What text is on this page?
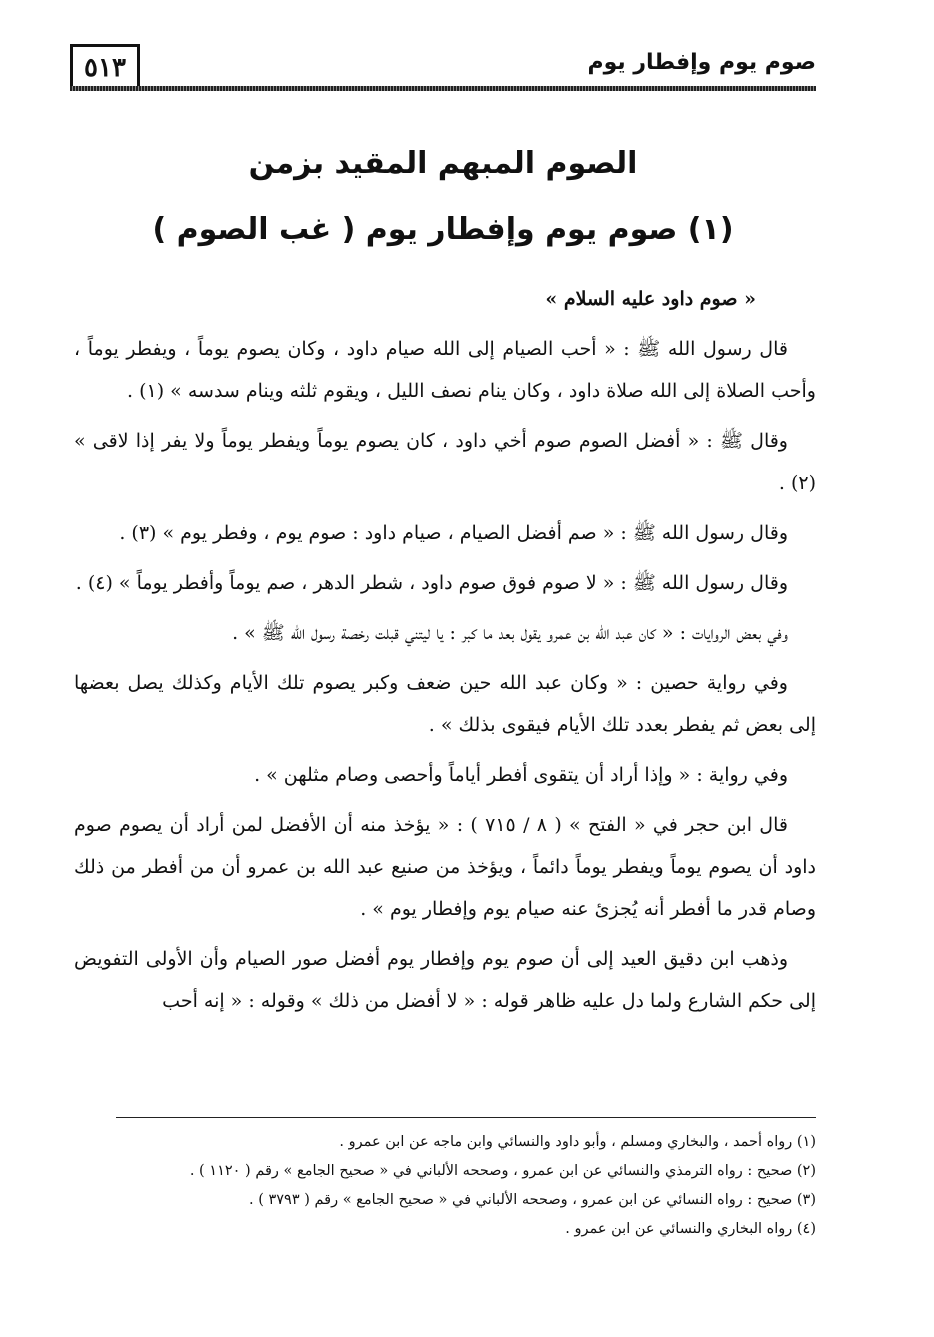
٥١٣	صوم يوم وإفطار يوم
الصوم المبهم المقيد بزمن
(١) صوم يوم وإفطار يوم ( غب الصوم )

« صوم داود عليه السلام »

قال رسول الله ﷺ : « أحب الصيام إلى الله صيام داود ، وكان يصوم يوماً ، ويفطر يوماً ، وأحب الصلاة إلى الله صلاة داود ، وكان ينام نصف الليل ، ويقوم ثلثه وينام سدسه » (١) .

وقال ﷺ : « أفضل الصوم صوم أخي داود ، كان يصوم يوماً ويفطر يوماً ولا يفر إذا لاقى » (٢) .

وقال رسول الله ﷺ : « صم أفضل الصيام ، صيام داود : صوم يوم ، وفطر يوم » (٣) .

وقال رسول الله ﷺ : « لا صوم فوق صوم داود ، شطر الدهر ، صم يوماً وأفطر يوماً » (٤) .

وفي بعض الروايات : « كان عبد الله بن عمرو يقول بعد ما كبر : يا ليتني قبلت رخصة رسول الله ﷺ » .

وفي رواية حصين : « وكان عبد الله حين ضعف وكبر يصوم تلك الأيام وكذلك يصل بعضها إلى بعض ثم يفطر بعدد تلك الأيام فيقوى بذلك » .

وفي رواية : « وإذا أراد أن يتقوى أفطر أياماً وأحصى وصام مثلهن » .

قال ابن حجر في « الفتح » ( ٨ / ٧١٥ ) : « يؤخذ منه أن الأفضل لمن أراد أن يصوم صوم داود أن يصوم يوماً ويفطر يوماً دائماً ، ويؤخذ من صنيع عبد الله بن عمرو أن من أفطر من ذلك وصام قدر ما أفطر أنه يُجزئ عنه صيام يوم وإفطار يوم » .

وذهب ابن دقيق العيد إلى أن صوم يوم وإفطار يوم أفضل صور الصيام وأن الأولى التفويض إلى حكم الشارع ولما دل عليه ظاهر قوله : « لا أفضل من ذلك » وقوله : « إنه أحب

(١) رواه أحمد ، والبخاري ومسلم ، وأبو داود والنسائي وابن ماجه عن ابن عمرو .
(٢) صحيح : رواه الترمذي والنسائي عن ابن عمرو ، وصححه الألباني في « صحيح الجامع » رقم ( ١١٢٠ ) .
(٣) صحيح : رواه النسائي عن ابن عمرو ، وصححه الألباني في « صحيح الجامع » رقم ( ٣٧٩٣ ) .
(٤) رواه البخاري والنسائي عن ابن عمرو .
